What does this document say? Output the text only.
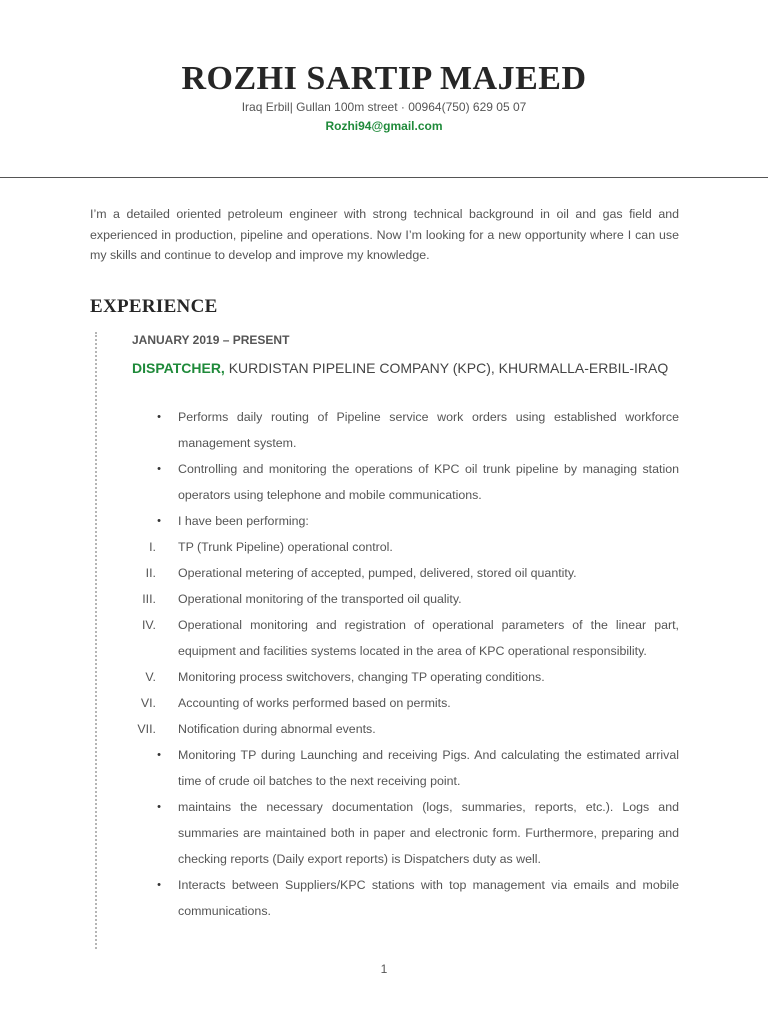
ROZHI SARTIP MAJEED
Iraq Erbil| Gullan 100m street · 00964(750) 629 05 07
Rozhi94@gmail.com

I’m a detailed oriented petroleum engineer with strong technical background in oil and gas field and experienced in production, pipeline and operations. Now I’m looking for a new opportunity where I can use my skills and continue to develop and improve my knowledge.

EXPERIENCE
JANUARY 2019 – PRESENT
DISPATCHER, KURDISTAN PIPELINE COMPANY (KPC), KHURMALLA-ERBIL-IRAQ
•	Performs daily routing of Pipeline service work orders using established workforce management system.
•	Controlling and monitoring the operations of KPC oil trunk pipeline by managing station operators using telephone and mobile communications.
•	I have been performing:
I. TP (Trunk Pipeline) operational control.
II. Operational metering of accepted, pumped, delivered, stored oil quantity.
III. Operational monitoring of the transported oil quality.
IV. Operational monitoring and registration of operational parameters of the linear part, equipment and facilities systems located in the area of KPC operational responsibility.
V. Monitoring process switchovers, changing TP operating conditions.
VI. Accounting of works performed based on permits.
VII. Notification during abnormal events.
•	Monitoring TP during Launching and receiving Pigs. And calculating the estimated arrival time of crude oil batches to the next receiving point.
•	maintains the necessary documentation (logs, summaries, reports, etc.). Logs and summaries are maintained both in paper and electronic form. Furthermore, preparing and checking reports (Daily export reports) is Dispatchers duty as well.
•	Interacts between Suppliers/KPC stations with top management via emails and mobile communications.
1
